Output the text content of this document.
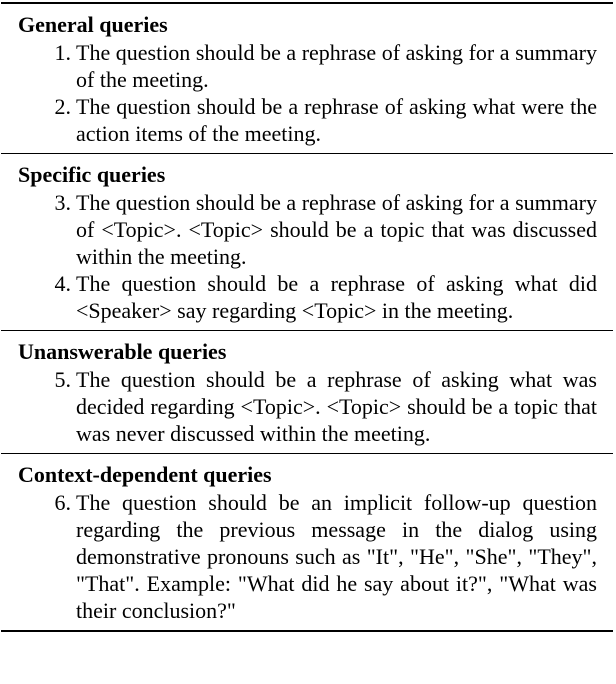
General queries
1. The question should be a rephrase of asking for a summary of the meeting.
2. The question should be a rephrase of asking what were the action items of the meeting.
Specific queries
3. The question should be a rephrase of asking for a summary of <Topic>. <Topic> should be a topic that was discussed within the meeting.
4. The question should be a rephrase of asking what did <Speaker> say regarding <Topic> in the meeting.
Unanswerable queries
5. The question should be a rephrase of asking what was decided regarding <Topic>. <Topic> should be a topic that was never discussed within the meeting.
Context-dependent queries
6. The question should be an implicit follow-up question regarding the previous message in the dialog using demonstrative pronouns such as "It", "He", "She", "They", "That". Example: "What did he say about it?", "What was their conclusion?"
